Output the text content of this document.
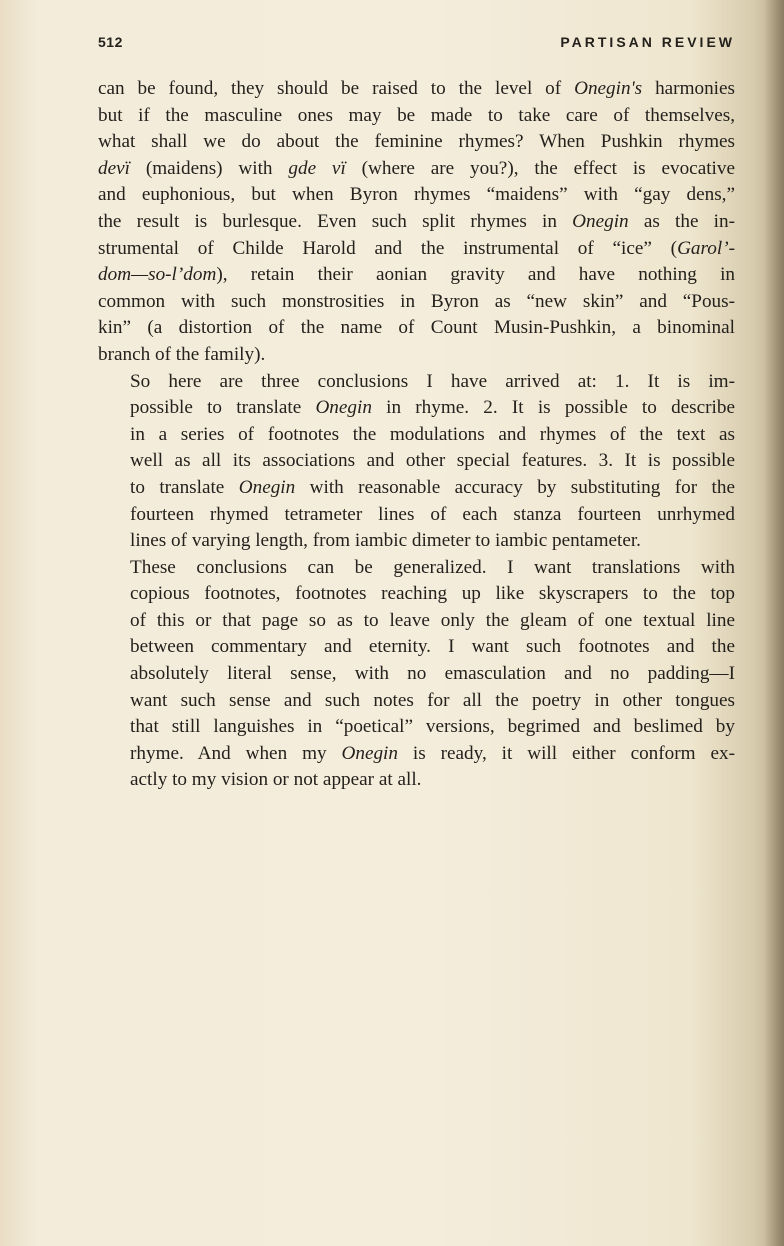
512	PARTISAN REVIEW

can be found, they should be raised to the level of Onegin's harmonies
but if the masculine ones may be made to take care of themselves,
what shall we do about the feminine rhymes? When Pushkin rhymes
devï (maidens) with gde vï (where are you?), the effect is evocative
and euphonious, but when Byron rhymes “maidens” with “gay dens,”
the result is burlesque. Even such split rhymes in Onegin as the in-
strumental of Childe Harold and the instrumental of “ice” (Garol’-
dom—so-l’dom), retain their aonian gravity and have nothing in
common with such monstrosities in Byron as “new skin” and “Pous-
kin” (a distortion of the name of Count Musin-Pushkin, a binominal
branch of the family).

So here are three conclusions I have arrived at: 1. It is im-
possible to translate Onegin in rhyme. 2. It is possible to describe
in a series of footnotes the modulations and rhymes of the text as
well as all its associations and other special features. 3. It is possible
to translate Onegin with reasonable accuracy by substituting for the
fourteen rhymed tetrameter lines of each stanza fourteen unrhymed
lines of varying length, from iambic dimeter to iambic pentameter.

These conclusions can be generalized. I want translations with
copious footnotes, footnotes reaching up like skyscrapers to the top
of this or that page so as to leave only the gleam of one textual line
between commentary and eternity. I want such footnotes and the
absolutely literal sense, with no emasculation and no padding—I
want such sense and such notes for all the poetry in other tongues
that still languishes in “poetical” versions, begrimed and beslimed by
rhyme. And when my Onegin is ready, it will either conform ex-
actly to my vision or not appear at all.
